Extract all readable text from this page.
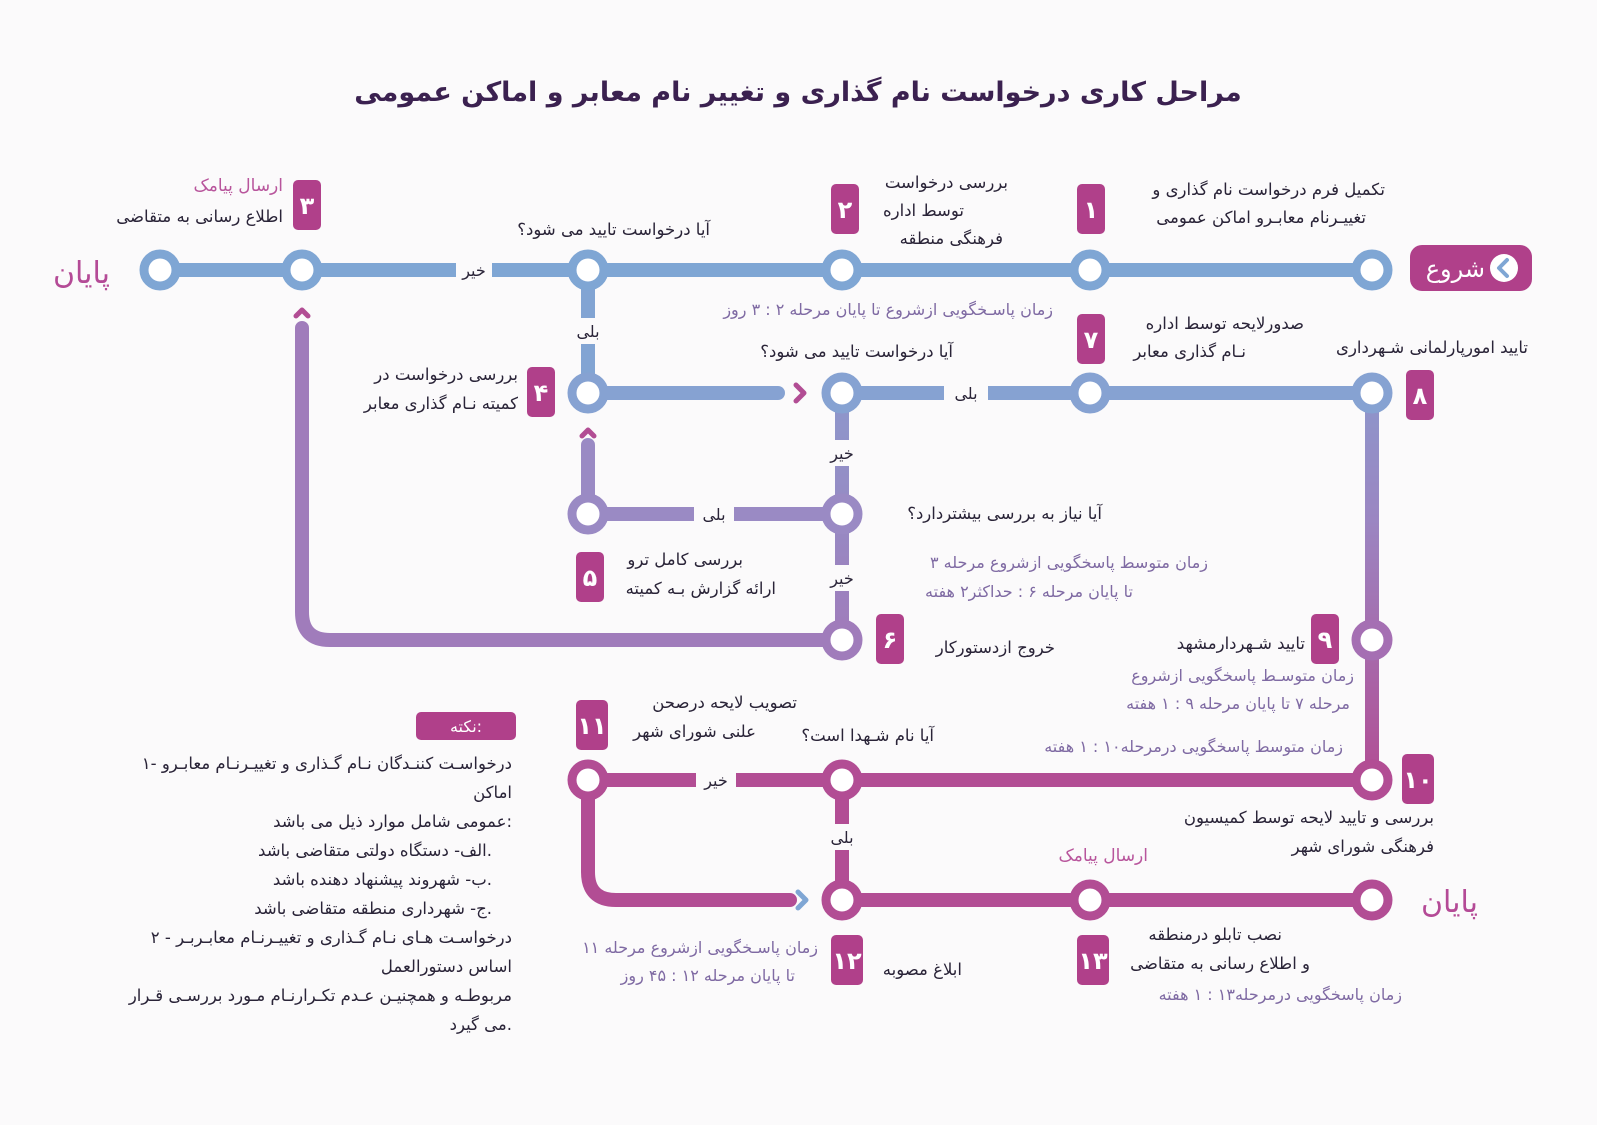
مراحل کاری درخواست نام گذاری و تغییر نام معابر و اماکن عمومی
شروع
پایان
پایان
۱
۲
۳
۴
۵
۶
۷
۸
۹
۱۰
۱۱
۱۲	۱۳
تکمیل فرم درخواست نام گذاری و
تغییـرنام معابـرو اماکن عمومی
بررسی درخواست
توسط اداره
فرهنگی منطقه
ارسال پیامک
اطلاع رسانی به متقاضی
بررسی درخواست در
کمیته نـام گذاری معابر
بررسی کامل ترو
ارائه گزارش بـه کمیته
خروج ازدستورکار
صدورلایحه توسط اداره
نـام گذاری معابر	تایید امورپارلمانی شـهرداری
تایید شـهردارمشهد
بررسی و تایید لایحه توسط کمیسیون
فرهنگی شورای شهر
تصویب لایحه درصحن
علنی شورای شهر
ابلاغ مصوبه
نصب تابلو درمنطقه
و اطلاع رسانی به متقاضی
آیا درخواست تایید می شود؟
آیا درخواست تایید می شود؟
آیا نیاز به بررسی بیشتردارد؟
آیا نام شـهدا است؟
خیر
بلی
بلی
خیر
بلی
خیر
خیر
بلی
ارسال پیامک
زمان پاسـخگویی ازشروع تا پایان مرحله ۲ : ۳ روز
زمان متوسط پاسخگویی ازشروع مرحله ۳
تا پایان مرحله ۶ : حداکثر۲ هفته
زمان متوسـط پاسخگویی ازشروع
مرحله ۷ تا پایان مرحله ۹ : ۱ هفته
زمان متوسط پاسخگویی درمرحله۱۰ : ۱ هفته
زمان پاسـخگویی ازشروع مرحله ۱۱
تا پایان مرحله ۱۲ : ۴۵ روز
زمان پاسخگویی درمرحله۱۳ : ۱ هفته
نکته:
۱- درخواسـت کننـدگان نـام گـذاری و تغییـرنـام معابـرو
اماکن
عمومی شامل موارد ذیل می باشد:
الف- دستگاه دولتی متقاضی باشد.
ب- شهروند پیشنهاد دهنده باشد.
ج- شهرداری منطقه متقاضی باشد.
۲ - درخواسـت هـای نـام گـذاری و تغییـرنـام معابـربـر
اساس دستورالعمل
مربوطـه و همچنیـن عـدم تکـرارنـام مـورد بررسـی قـرار
می گیرد.
